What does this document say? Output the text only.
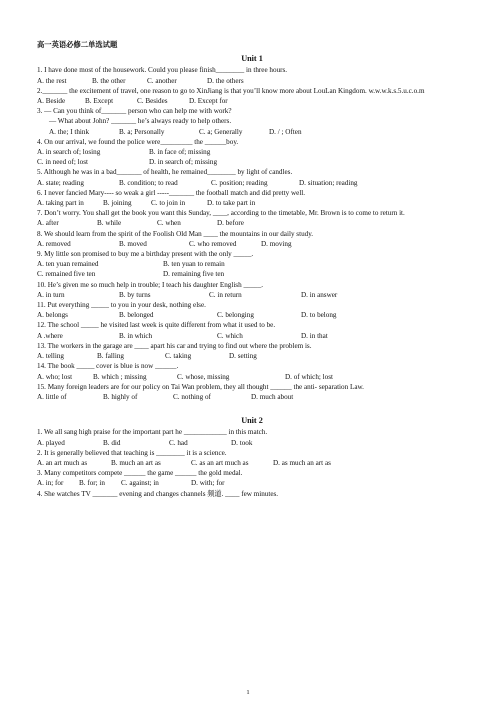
高一英语必修二单选试题
Unit 1
1. I have done most of the housework. Could you please finish________ in three hours.
A. the rest	B. the other	C. another	D. the others
2._______ the excitement of travel, one reason to go to XinJiang is that you’ll know more about LouLan Kingdom. w.w.w.k.s.5.u.c.o.m
A. Beside	B. Except	C. Besides	D. Except for
3. — Can you think of_______ person who can help me with work?
— What about John? _______ he’s always ready to help others.
A. the; I think	B. a; Personally	C. a; Generally	D. / ; Often
4. On our arrival, we found the police were_________ the ______boy.
A. in search of; losing	B. in face of; missing
C. in need of; lost	D. in search of; missing
5. Although he was in a bad_______ of health, he remained________ by light of candles.
A. state; reading	B. condition; to read	C. position; reading	D. situation; reading
6. I never fancied Mary---- so weak a girl -----_______ the football match and did pretty well.
A. taking part in	B. joining	C. to join in	D. to take part in
7. Don’t worry. You shall get the book you want this Sunday, ____, according to the timetable, Mr. Brown is to come to return it.
A. after	B. while	C. when	D. before
8. We should learn from the spirit of the Foolish Old Man ____ the mountains in our daily study.
A. removed	B. moved	C. who removed	D. moving
9. My little son promised to buy me a birthday present with the only _____.
A. ten yuan remained	B. ten yuan to remain
C. remained five ten	D. remaining five ten
10. He’s given me so much help in trouble; I teach his daughter English _____.
A. in turn	B. by turns	C. in return	D. in answer
11. Put everything _____ to you in your desk, nothing else.
A. belongs	B. belonged	C. belonging	D. to belong
12. The school _____ he visited last week is quite different from what it used to be.
A .where	B. in which	C. which	D. in that
13. The workers in the garage are ____ apart his car and trying to find out where the problem is.
A. telling	B. falling	C. taking	D. setting
14. The book _____ cover is blue is now ______.
A. who; lost	B. which ; missing	C. whose, missing	D. of which; lost
15. Many foreign leaders are for our policy on Tai Wan problem, they all thought ______ the anti- separation Law.
A. little of	B. highly of	C. nothing of	D. much about
Unit 2
1. We all sang high praise for the important part he ____________ in this match.
A. played	B. did	C. had	D. took
2. It is generally believed that teaching is ________ it is a science.
A. an art much as	B. much an art as	C. as an art much as	D. as much an art as
3. Many competitors compete ______ the game ______ the gold medal.
A. in; for B. for; in C. against; in	D. with; for
4. She watches TV _______ evening and changes channels 频道. ____ few minutes.
1
